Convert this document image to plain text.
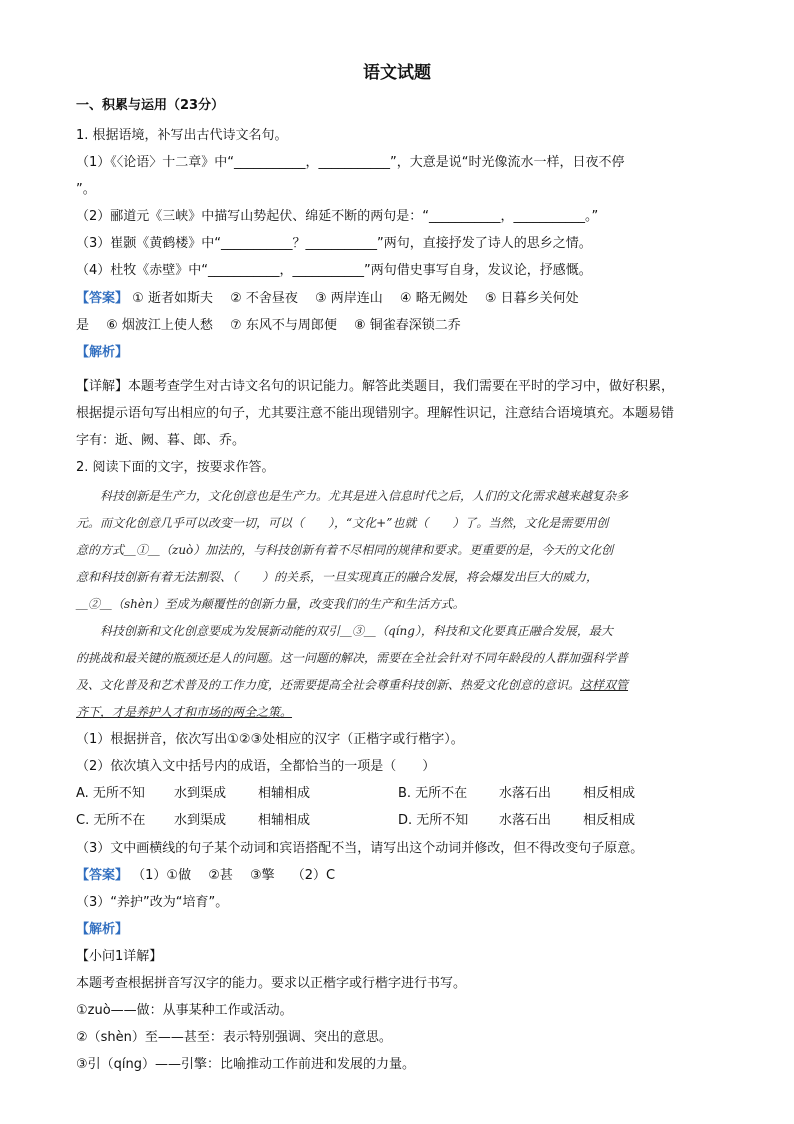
语文试题
一、积累与运用（23分）
1. 根据语境，补写出古代诗文名句。
（1）《〈论语〉十二章》中“___________，___________”，大意是说“时光像流水一样，日夜不停
”。
（2）郦道元《三峡》中描写山势起伏、绵延不断的两句是：“___________，___________。”
（3）崔颢《黄鹤楼》中“___________？___________”两句，直接抒发了诗人的思乡之情。
（4）杜牧《赤壁》中“___________，___________”两句借史事写自身，发议论，抒感慨。
【答案】 ① 逝者如斯夫　 ② 不舍昼夜　 ③ 两岸连山　 ④ 略无阙处　 ⑤ 日暮乡关何处
是　 ⑥ 烟波江上使人愁　 ⑦ 东风不与周郎便　 ⑧ 铜雀春深锁二乔
【解析】
【详解】本题考查学生对古诗文名句的识记能力。解答此类题目，我们需要在平时的学习中，做好积累，
根据提示语句写出相应的句子，尤其要注意不能出现错别字。理解性识记，注意结合语境填充。本题易错
字有：逝、阙、暮、郎、乔。
2. 阅读下面的文字，按要求作答。
科技创新是生产力，文化创意也是生产力。尤其是进入信息时代之后，人们的文化需求越来越复杂多
元。而文化创意几乎可以改变一切，可以（　　），“文化+”也就（　　）了。当然，文化是需要用创
意的方式＿①＿（zuò）加法的，与科技创新有着不尽相同的规律和要求。更重要的是，今天的文化创
意和科技创新有着无法割裂、（　　）的关系，一旦实现真正的融合发展，将会爆发出巨大的威力，
＿②＿（shèn）至成为颠覆性的创新力量，改变我们的生产和生活方式。
科技创新和文化创意要成为发展新动能的双引＿③＿（qíng），科技和文化要真正融合发展，最大
的挑战和最关键的瓶颈还是人的问题。这一问题的解决，需要在全社会针对不同年龄段的人群加强科学普
及、文化普及和艺术普及的工作力度，还需要提高全社会尊重科技创新、热爱文化创意的意识。这样双管
齐下，才是养护人才和市场的两全之策。
（1）根据拼音，依次写出①②③处相应的汉字（正楷字或行楷字）。
（2）依次填入文中括号内的成语，全都恰当的一项是（　　）
A. 无所不知 水到渠成 相辅相成	B. 无所不在 水落石出 相反相成
C. 无所不在 水到渠成 相辅相成	D. 无所不知 水落石出 相反相成
（3）文中画横线的句子某个动词和宾语搭配不当，请写出这个动词并修改，但不得改变句子原意。
【答案】 （1）①做　 ②甚　 ③擎　 （2）C
（3）“养护”改为“培育”。
【解析】
【小问1详解】
本题考查根据拼音写汉字的能力。要求以正楷字或行楷字进行书写。
①zuò——做：从事某种工作或活动。
②（shèn）至——甚至：表示特别强调、突出的意思。
③引（qíng）——引擎：比喻推动工作前进和发展的力量。
